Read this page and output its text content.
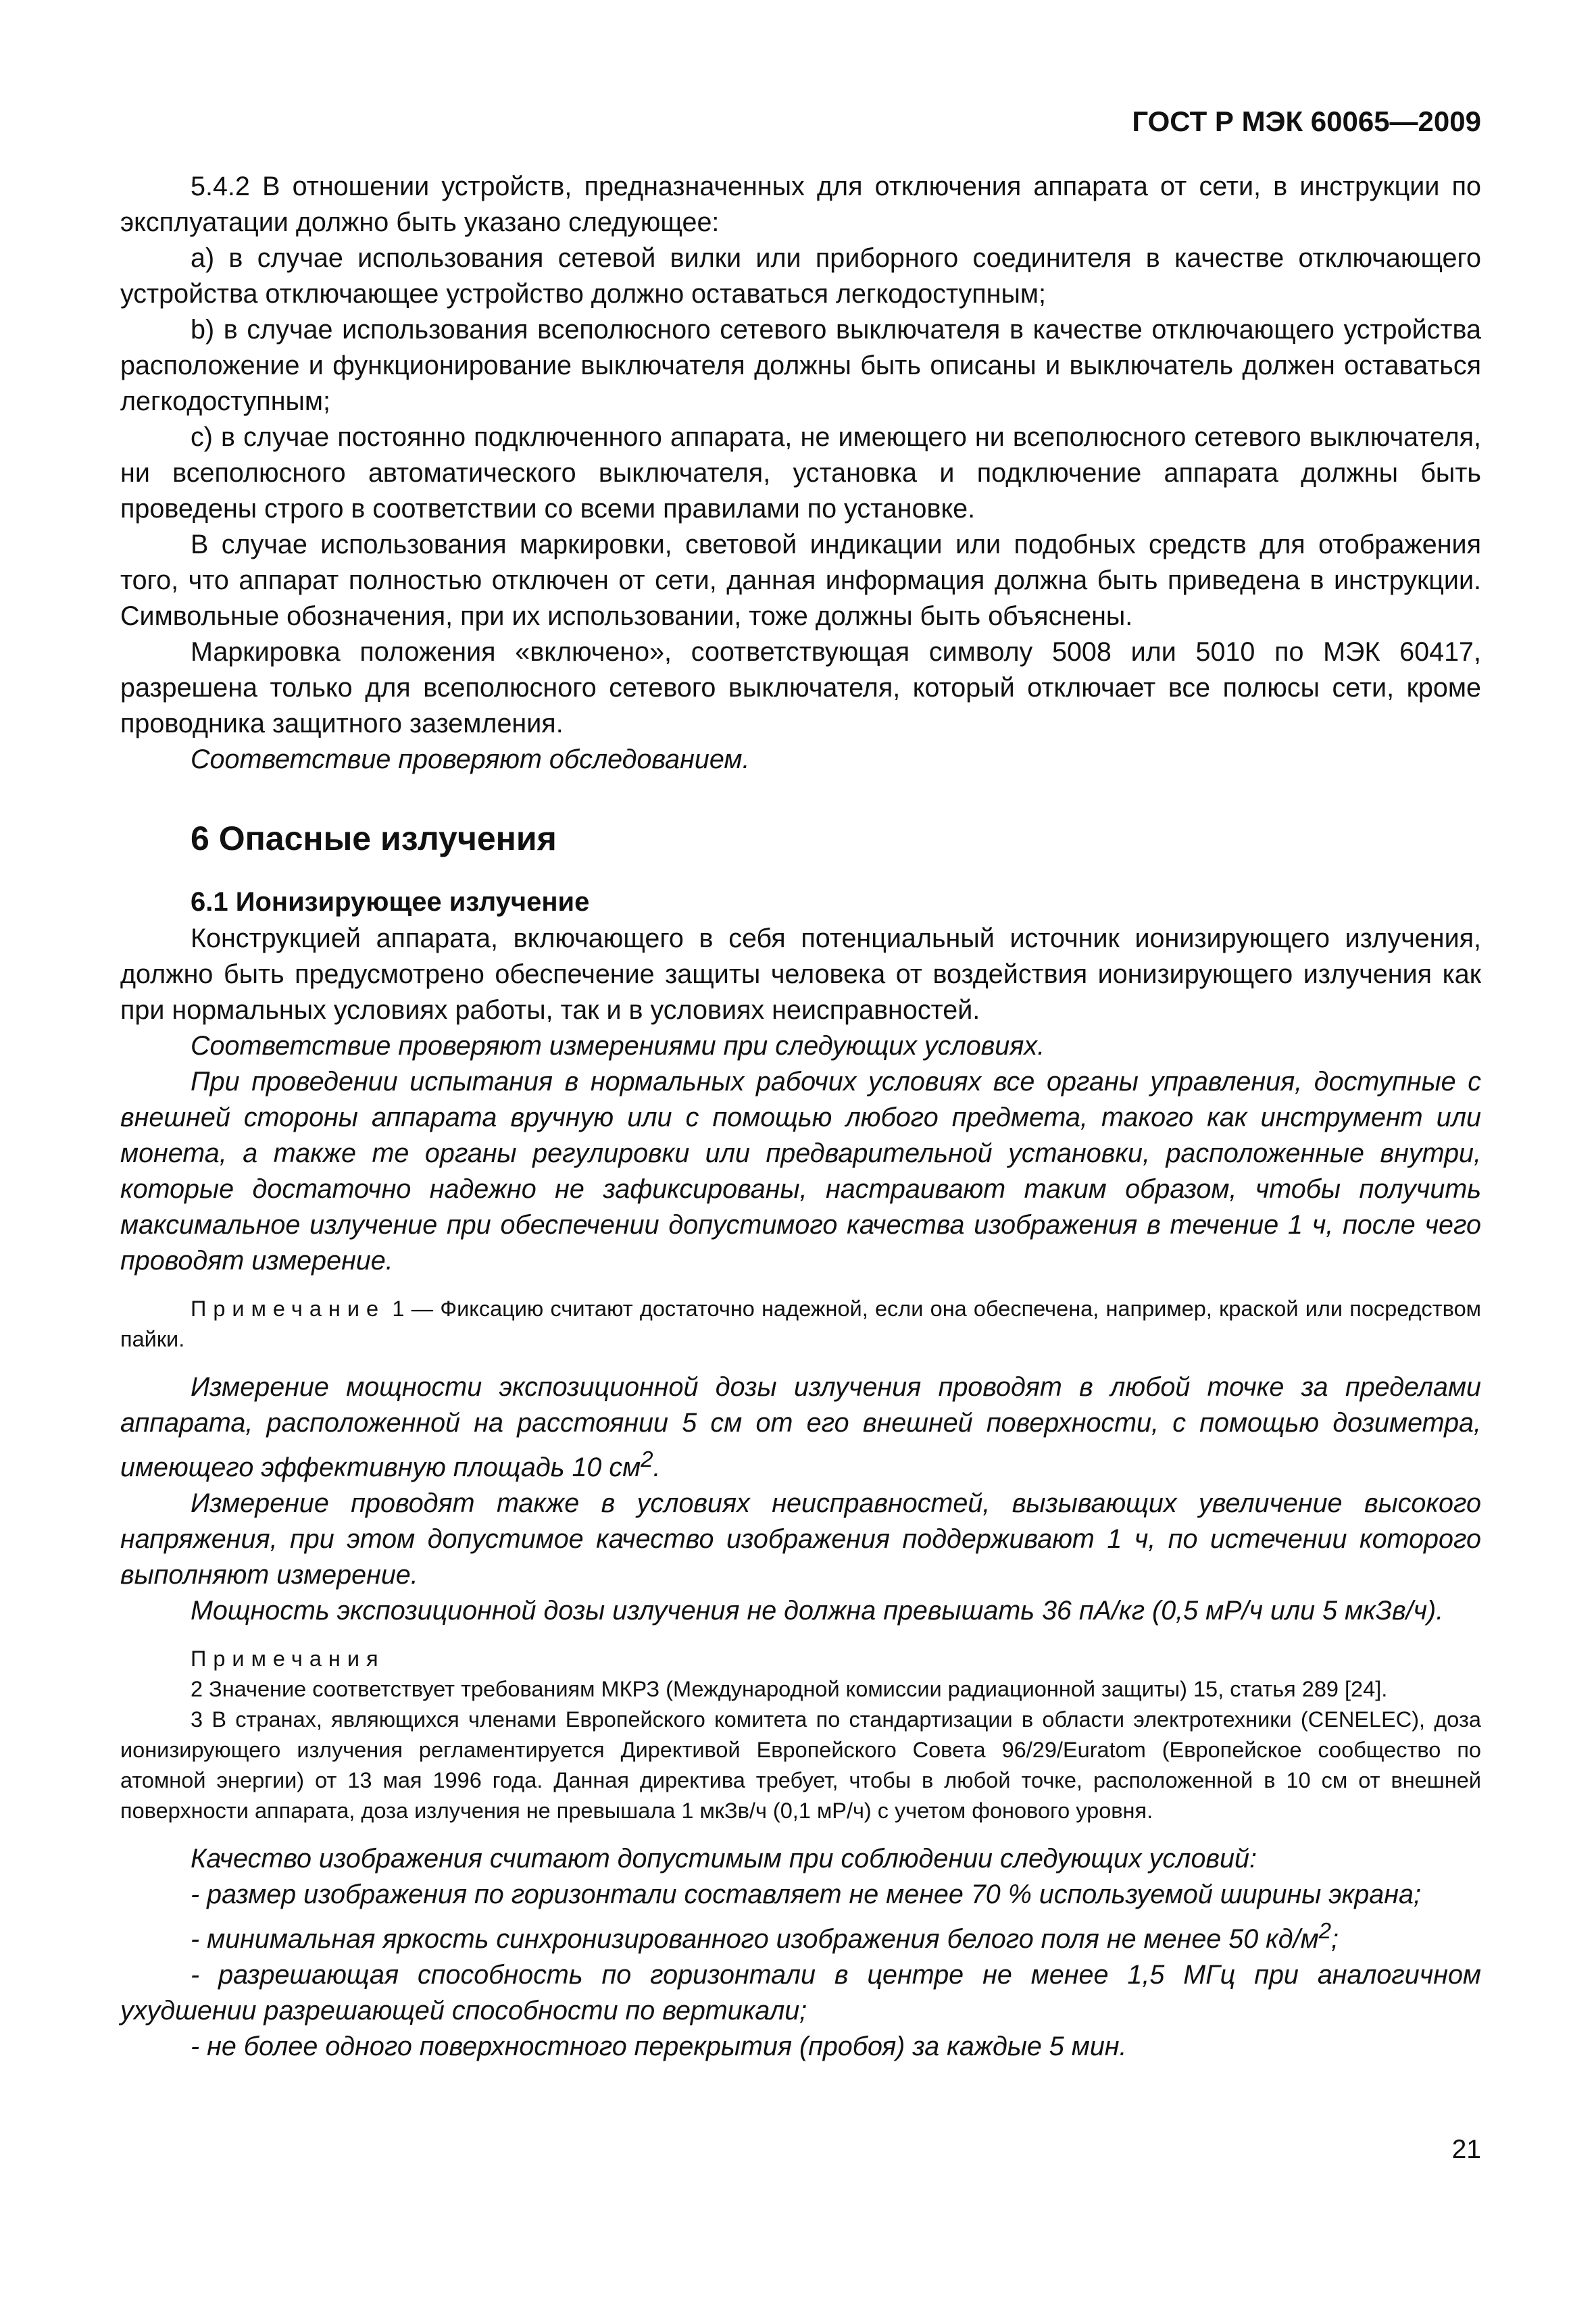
ГОСТ Р МЭК 60065—2009

5.4.2 В отношении устройств, предназначенных для отключения аппарата от сети, в инструкции по эксплуатации должно быть указано следующее:

a) в случае использования сетевой вилки или приборного соединителя в качестве отключающего устройства отключающее устройство должно оставаться легкодоступным;

b) в случае использования всеполюсного сетевого выключателя в качестве отключающего устройства расположение и функционирование выключателя должны быть описаны и выключатель должен оставаться легкодоступным;

c) в случае постоянно подключенного аппарата, не имеющего ни всеполюсного сетевого выключателя, ни всеполюсного автоматического выключателя, установка и подключение аппарата должны быть проведены строго в соответствии со всеми правилами по установке.

В случае использования маркировки, световой индикации или подобных средств для отображения того, что аппарат полностью отключен от сети, данная информация должна быть приведена в инструкции. Символьные обозначения, при их использовании, тоже должны быть объяснены.

Маркировка положения «включено», соответствующая символу 5008 или 5010 по МЭК 60417, разрешена только для всеполюсного сетевого выключателя, который отключает все полюсы сети, кроме проводника защитного заземления.

Соответствие проверяют обследованием.

6 Опасные излучения
6.1 Ионизирующее излучение

Конструкцией аппарата, включающего в себя потенциальный источник ионизирующего излучения, должно быть предусмотрено обеспечение защиты человека от воздействия ионизирующего излучения как при нормальных условиях работы, так и в условиях неисправностей.

Соответствие проверяют измерениями при следующих условиях.

При проведении испытания в нормальных рабочих условиях все органы управления, доступные с внешней стороны аппарата вручную или с помощью любого предмета, такого как инструмент или монета, а также те органы регулировки или предварительной установки, расположенные внутри, которые достаточно надежно не зафиксированы, настраивают таким образом, чтобы получить максимальное излучение при обеспечении допустимого качества изображения в течение 1 ч, после чего проводят измерение.

Примечание 1 — Фиксацию считают достаточно надежной, если она обеспечена, например, краской или посредством пайки.

Измерение мощности экспозиционной дозы излучения проводят в любой точке за пределами аппарата, расположенной на расстоянии 5 см от его внешней поверхности, с помощью дозиметра, имеющего эффективную площадь 10 $см^2$.

Измерение проводят также в условиях неисправностей, вызывающих увеличение высокого напряжения, при этом допустимое качество изображения поддерживают 1 ч, по истечении которого выполняют измерение.

Мощность экспозиционной дозы излучения не должна превышать 36 пА/кг (0,5 мР/ч или 5 мкЗв/ч).

Примечания

2 Значение соответствует требованиям МКРЗ (Международной комиссии радиационной защиты) 15, статья 289 [24].

3 В странах, являющихся членами Европейского комитета по стандартизации в области электротехники (CENELEC), доза ионизирующего излучения регламентируется Директивой Европейского Совета 96/29/Euratom (Европейское сообщество по атомной энергии) от 13 мая 1996 года. Данная директива требует, чтобы в любой точке, расположенной в 10 см от внешней поверхности аппарата, доза излучения не превышала 1 мкЗв/ч (0,1 мР/ч) с учетом фонового уровня.

Качество изображения считают допустимым при соблюдении следующих условий:

- размер изображения по горизонтали составляет не менее 70 % используемой ширины экрана;

- минимальная яркость синхронизированного изображения белого поля не менее 50 $кд/м^2$;

- разрешающая способность по горизонтали в центре не менее 1,5 МГц при аналогичном ухудшении разрешающей способности по вертикали;

- не более одного поверхностного перекрытия (пробоя) за каждые 5 мин.

21
